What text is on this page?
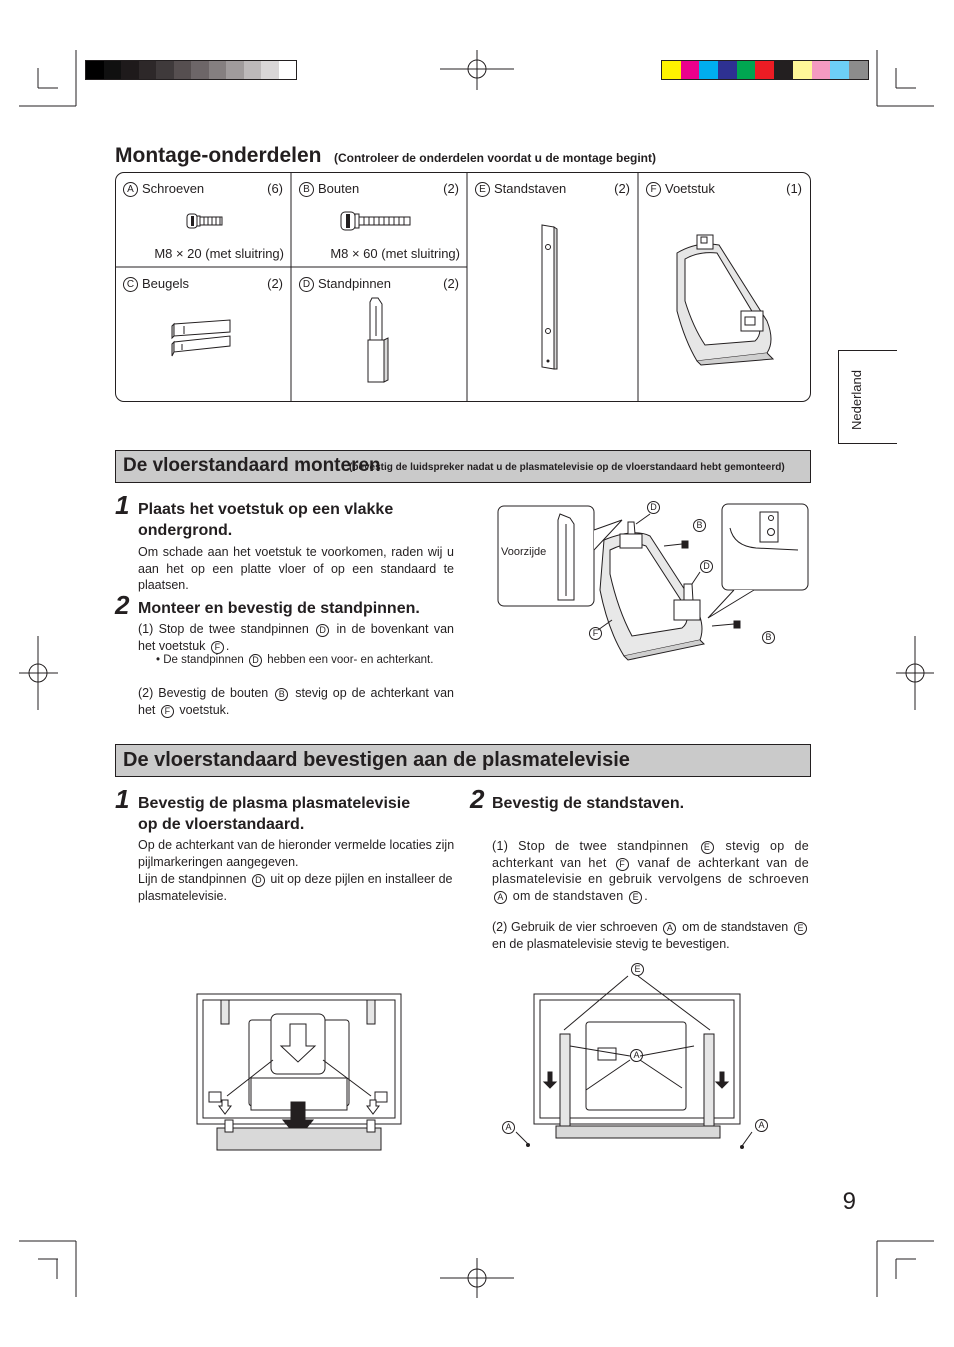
Montage-onderdelen (Controleer de onderdelen voordat u de montage begint)
A Schroeven	(6)
M8 × 20 (met sluitring)
B Bouten	(2)
M8 × 60 (met sluitring)
E Standstaven	(2)	F Voetstuk	(1)
C Beugels	(2)	D Standpinnen	(2)
Nederland
De vloerstandaard monteren
(bevestig de luidspreker nadat u de plasmatelevisie op de vloerstandaard hebt gemonteerd)
1 Plaats het voetstuk op een vlakke
ondergrond.
Om schade aan het voetstuk te voorkomen, raden wij u aan het op een platte vloer of op een standaard te plaatsen.
2 Monteer en bevestig de standpinnen.
(1) Stop de twee standpinnen D in de bovenkant van het voetstuk F .
• De standpinnen D hebben een voor- en achterkant.
(2) Bevestig de bouten B stevig op de achterkant van het F voetstuk.
Voorzijde
D
B
D
F	B
De vloerstandaard bevestigen aan de plasmatelevisie
1 Bevestig de plasma plasmatelevisie
op de vloerstandaard.
Op de achterkant van de hieronder vermelde locaties zijn pijlmarkeringen aangegeven.
Lijn de standpinnen D uit op deze pijlen en installeer de plasmatelevisie.
2 Bevestig de standstaven.
(1) Stop de twee standpinnen E stevig op de achterkant van het F vanaf de achterkant van de plasmatelevisie en gebruik vervolgens de schroeven A om de standstaven E .
(2) Gebruik de vier schroeven A om de standstaven E en de plasmatelevisie stevig te bevestigen.
E
A
A	A
9
